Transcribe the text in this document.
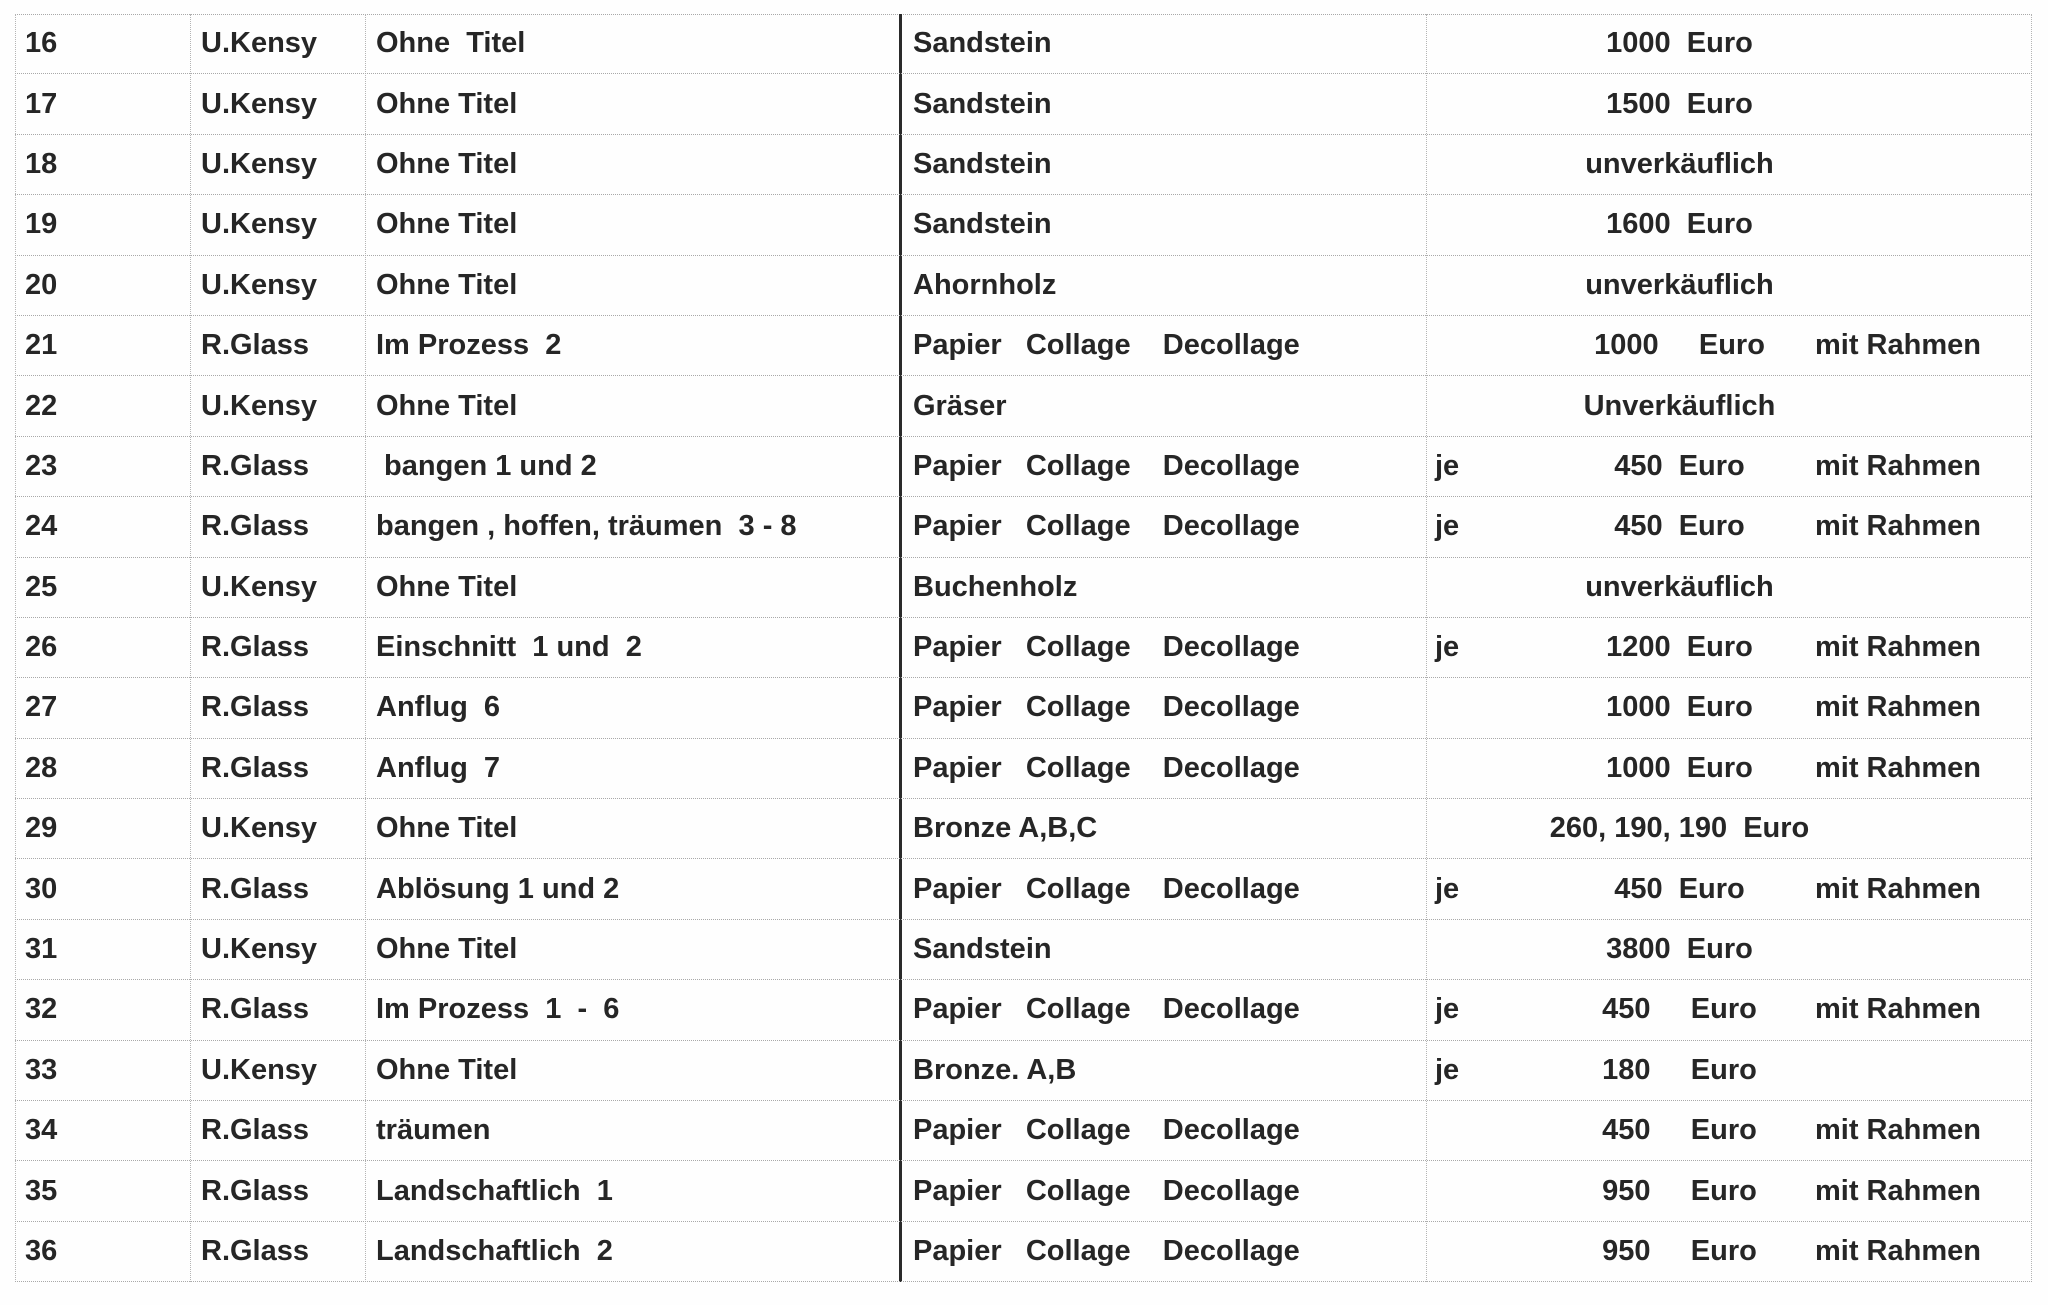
16	U.Kensy Ohne  Titel	Sandstein	1000  Euro
17	U.Kensy Ohne Titel	Sandstein	1500  Euro
18	U.Kensy Ohne Titel	Sandstein	unverkäuflich
19	U.Kensy Ohne Titel	Sandstein	1600  Euro
20	U.Kensy Ohne Titel	Ahornholz	unverkäuflich
21	R.Glass Im Prozess  2	Papier   Collage    Decollage	1000     Euro	mit Rahmen
22	U.Kensy Ohne Titel	Gräser	Unverkäuflich
23	R.Glass bangen 1 und 2	Papier   Collage    Decollage	je	450  Euro	mit Rahmen
24	R.Glass bangen , hoffen, träumen  3 - 8	Papier   Collage    Decollage	je	450  Euro	mit Rahmen
25	U.Kensy Ohne Titel	Buchenholz	unverkäuflich
26	R.Glass Einschnitt  1 und  2	Papier   Collage    Decollage	je	1200  Euro	mit Rahmen
27	R.Glass Anflug  6	Papier   Collage    Decollage	1000  Euro	mit Rahmen
28	R.Glass Anflug  7	Papier   Collage    Decollage	1000  Euro	mit Rahmen
29	U.Kensy Ohne Titel	Bronze A,B,C	260, 190, 190  Euro
30	R.Glass Ablösung 1 und 2	Papier   Collage    Decollage	je	450  Euro	mit Rahmen
31	U.Kensy Ohne Titel	Sandstein	3800  Euro
32	R.Glass Im Prozess  1  -  6	Papier   Collage    Decollage	je	450     Euro	mit Rahmen
33	U.Kensy Ohne Titel	Bronze. A,B	je	180     Euro
34	R.Glass träumen	Papier   Collage    Decollage	450     Euro	mit Rahmen
35	R.Glass Landschaftlich  1	Papier   Collage    Decollage	950     Euro	mit Rahmen
36	R.Glass Landschaftlich  2	Papier   Collage    Decollage	950     Euro	mit Rahmen
